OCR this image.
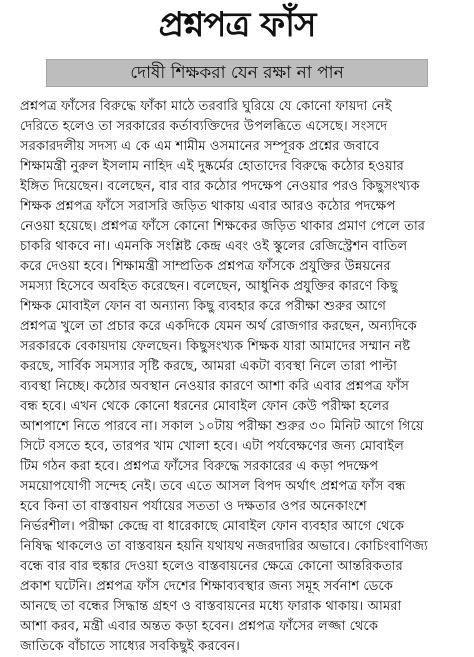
প্রশ্নপত্র ফাঁস
দোষী শিক্ষকরা যেন রক্ষা না পান
প্রশ্নপত্র ফাঁসের বিরুদ্ধে ফাঁকা মাঠে তরবারি ঘুরিয়ে যে কোনো ফায়দা নেই
দেরিতে হলেও তা সরকারের কর্তাব্যক্তিদের উপলব্ধিতে এসেছে। সংসদে
সরকারদলীয় সদস্য এ কে এম শামীম ওসমানের সম্পূরক প্রশ্নের জবাবে
শিক্ষামন্ত্রী নুরুল ইসলাম নাহিদ এই দুষ্কর্মের হোতাদের বিরুদ্ধে কঠোর হওয়ার
ইঙ্গিত দিয়েছেন। বলেছেন, বার বার কঠোর পদক্ষেপ নেওয়ার পরও কিছুসংখ্যক
শিক্ষক প্রশ্নপত্র ফাঁসে সরাসরি জড়িত থাকায় এবার আরও কঠোর পদক্ষেপ
নেওয়া হয়েছে। প্রশ্নপত্র ফাঁসে কোনো শিক্ষকের জড়িত থাকার প্রমাণ পেলে তার
চাকরি থাকবে না। এমনকি সংশ্লিষ্ট কেন্দ্র এবং ওই স্কুলের রেজিস্ট্রেশন বাতিল
করে দেওয়া হবে। শিক্ষামন্ত্রী সাম্প্রতিক প্রশ্নপত্র ফাঁসকে প্রযুক্তির উন্নয়নের
সমস্যা হিসেবে অবহিত করেছেন। বলেছেন, আধুনিক প্রযুক্তির কারণে কিছু
শিক্ষক মোবাইল ফোন বা অন্যান্য কিছু ব্যবহার করে পরীক্ষা শুরুর আগে
প্রশ্নপত্র খুলে তা প্রচার করে একদিকে যেমন অর্থ রোজগার করছেন, অন্যদিকে
সরকারকে বেকায়দায় ফেলছেন। কিছুসংখ্যক শিক্ষক যারা আমাদের সম্মান নষ্ট
করছে, সার্বিক সমস্যার সৃষ্টি করছে, আমরা একটা ব্যবস্থা নিলে তারা পাল্টা
ব্যবস্থা নিচ্ছে। কঠোর অবস্থান নেওয়ার কারণে আশা করি এবার প্রশ্নপত্র ফাঁস
বন্ধ হবে। এখন থেকে কোনো ধরনের মোবাইল ফোন কেউ পরীক্ষা হলের
আশপাশে নিতে পারবে না। সকাল ১০টায় পরীক্ষা শুরুর ৩০ মিনিট আগে গিয়ে
সিটে বসতে হবে, তারপর খাম খোলা হবে। এটা পর্যবেক্ষণের জন্য মোবাইল
টিম গঠন করা হবে। প্রশ্নপত্র ফাঁসের বিরুদ্ধে সরকারের এ কড়া পদক্ষেপ
সময়োপযোগী সন্দেহ নেই। তবে এতে আসল বিপদ অর্থাৎ প্রশ্নপত্র ফাঁস বন্ধ
হবে কিনা তা বাস্তবায়ন পর্যায়ের সততা ও দক্ষতার ওপর অনেকাংশে
নির্ভরশীল। পরীক্ষা কেন্দ্রে বা ধারেকাছে মোবাইল ফোন ব্যবহার আগে থেকে
নিষিদ্ধ থাকলেও তা বাস্তবায়ন হয়নি যথাযথ নজরদারির অভাবে। কোচিংবাণিজ্য
বন্ধে বার বার হুঙ্কার দেওয়া হলেও বাস্তবায়নের ক্ষেত্রে কোনো আন্তরিকতার
প্রকাশ ঘটেনি। প্রশ্নপত্র ফাঁস দেশের শিক্ষাব্যবস্থার জন্য সমূহ সর্বনাশ ডেকে
আনছে তা বন্ধের সিদ্ধান্ত গ্রহণ ও বাস্তবায়নের মধ্যে ফারাক থাকায়। আমরা
আশা করব, মন্ত্রী এবার অন্তত কড়া হবেন। প্রশ্নপত্র ফাঁসের লজ্জা থেকে
জাতিকে বাঁচাতে সাধ্যের সবকিছুই করবেন।
